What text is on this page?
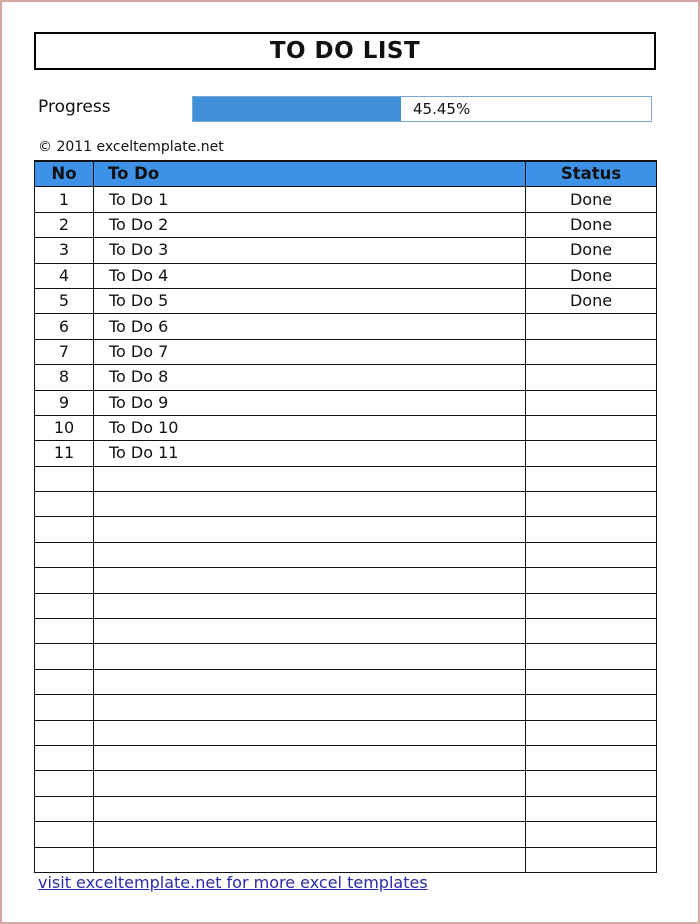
TO DO LIST
Progress	45.45%
© 2011 exceltemplate.net
No	To Do	Status
1	To Do 1	Done
2	To Do 2	Done
3	To Do 3	Done
4	To Do 4	Done
5	To Do 5	Done
6	To Do 6	
7	To Do 7	
8	To Do 8	
9	To Do 9	
10	To Do 10	
11	To Do 11	

visit exceltemplate.net for more excel templates
